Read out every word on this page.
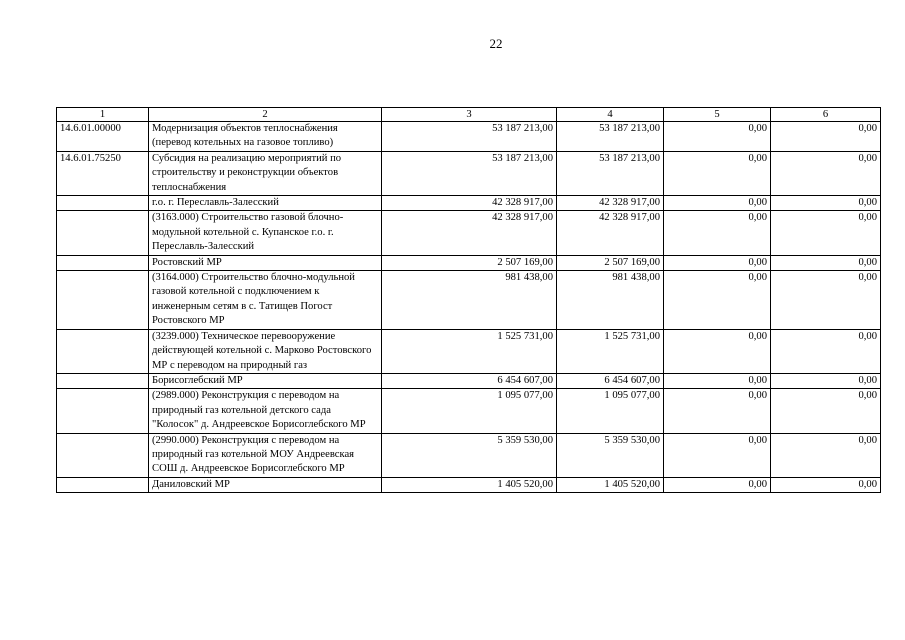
22
1	2	3	4	5	6
14.6.01.00000	Модернизация объектов теплоснабжения (перевод котельных на газовое топливо)	53 187 213,00	53 187 213,00	0,00	0,00
14.6.01.75250	Субсидия на реализацию мероприятий по строительству и реконструкции объектов теплоснабжения	53 187 213,00	53 187 213,00	0,00	0,00
	г.о. г. Переславль-Залесский	42 328 917,00	42 328 917,00	0,00	0,00
	(3163.000) Строительство газовой блочно-модульной котельной с. Купанское г.о. г. Переславль-Залесский	42 328 917,00	42 328 917,00	0,00	0,00
	Ростовский МР	2 507 169,00	2 507 169,00	0,00	0,00
	(3164.000) Строительство блочно-модульной газовой котельной с подключением к инженерным сетям в с. Татищев Погост Ростовского МР	981 438,00	981 438,00	0,00	0,00
	(3239.000) Техническое перевооружение действующей котельной с. Марково Ростовского МР с переводом на природный газ	1 525 731,00	1 525 731,00	0,00	0,00
	Борисоглебский МР	6 454 607,00	6 454 607,00	0,00	0,00
	(2989.000) Реконструкция с переводом на природный газ котельной детского сада "Колосок" д. Андреевское Борисоглебского МР	1 095 077,00	1 095 077,00	0,00	0,00
	(2990.000) Реконструкция с переводом на природный газ котельной МОУ Андреевская СОШ д. Андреевское Борисоглебского МР	5 359 530,00	5 359 530,00	0,00	0,00
	Даниловский МР	1 405 520,00	1 405 520,00	0,00	0,00
